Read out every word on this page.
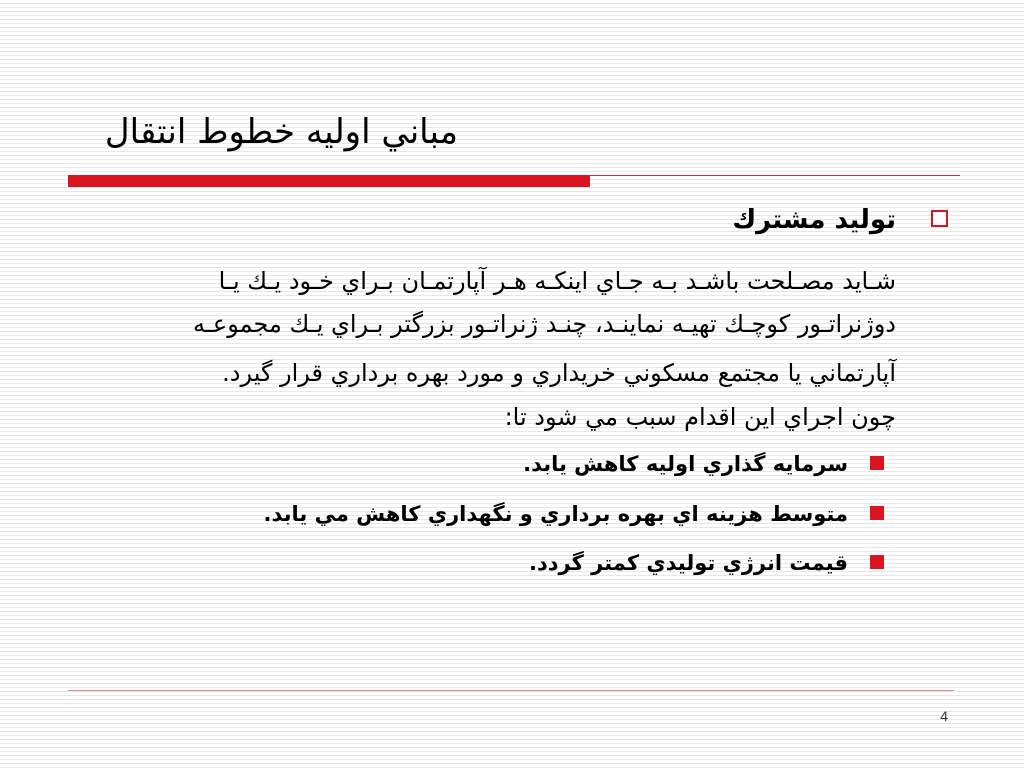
مباني اوليه خطوط انتقال
توليد مشترك
شـايد مصـلحت باشـد بـه جـاي اينكـه هـر آپارتمـان بـراي خـود يـك يـا
دوژنراتـور كوچـك تهيـه نماينـد، چنـد ژنراتـور بزرگتر بـراي يـك مجموعـه
آپارتماني يا مجتمع مسكوني خريداري و مورد بهره برداري قرار گيرد.
چون اجراي اين اقدام سبب مي شود تا:
سرمايه گذاري اوليه كاهش يابد.
متوسط هزينه اي بهره برداري و نگهداري كاهش مي يابد.
قيمت انرژي توليدي كمتر گردد.
4
